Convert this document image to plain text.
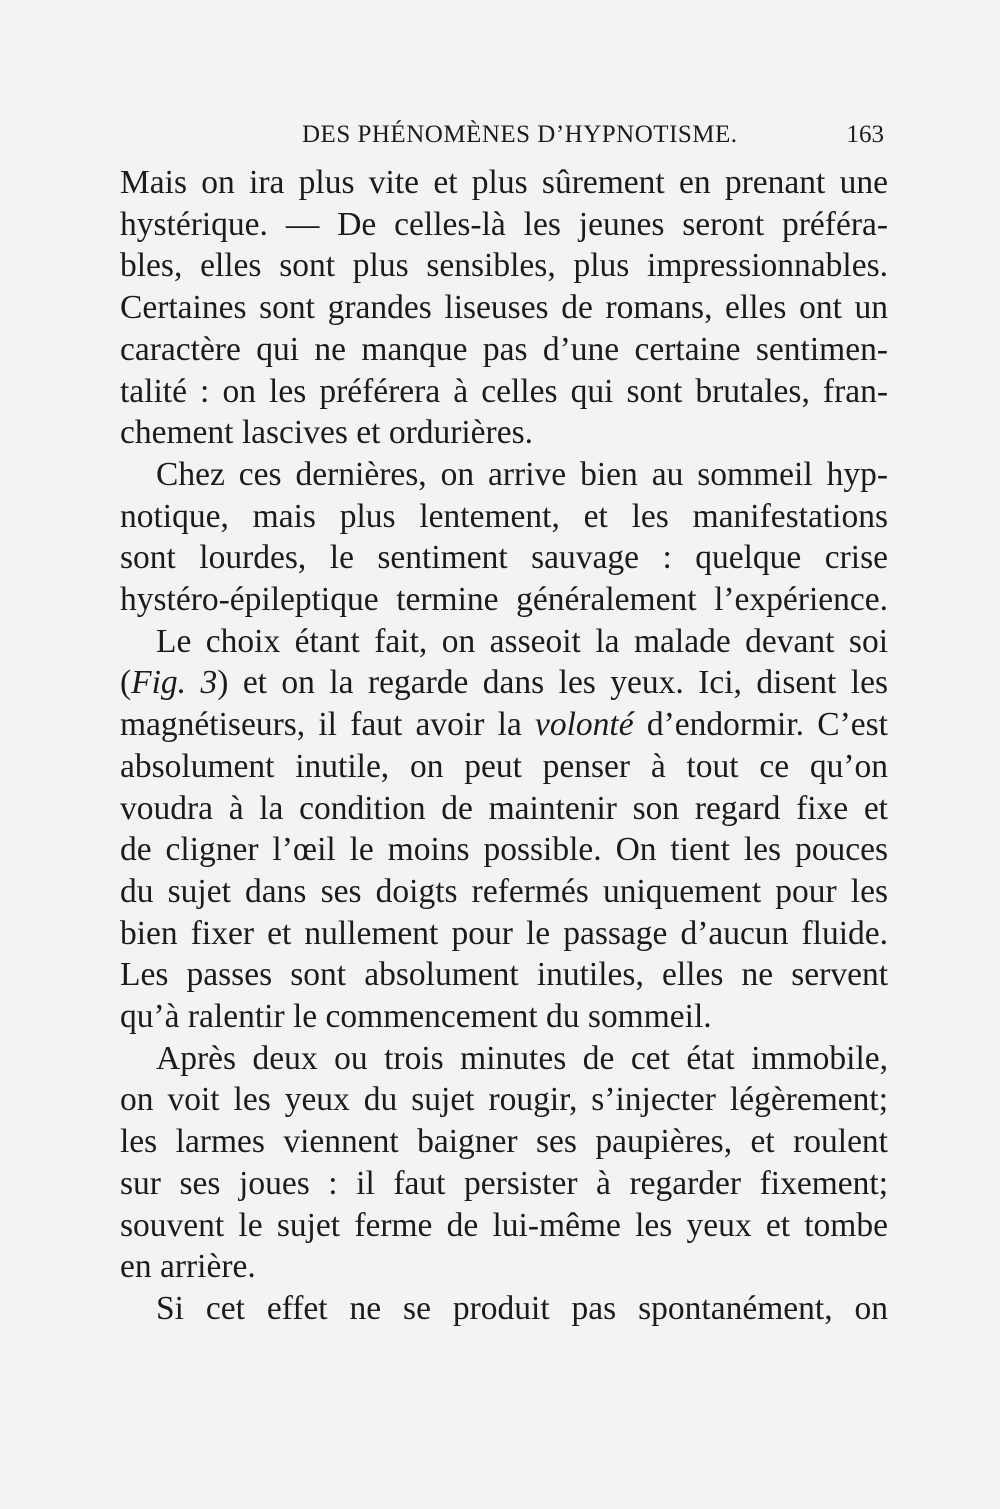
DES PHÉNOMÈNES D’HYPNOTISME.	163

Mais on ira plus vite et plus sûrement en prenant une
hystérique. — De celles-là les jeunes seront préféra-
bles, elles sont plus sensibles, plus impressionnables.
Certaines sont grandes liseuses de romans, elles ont un
caractère qui ne manque pas d’une certaine sentimen-
talité : on les préférera à celles qui sont brutales, fran-
chement lascives et ordurières.

Chez ces dernières, on arrive bien au sommeil hyp-
notique, mais plus lentement, et les manifestations
sont lourdes, le sentiment sauvage : quelque crise
hystéro-épileptique termine généralement l’expérience.

Le choix étant fait, on asseoit la malade devant soi
(Fig. 3) et on la regarde dans les yeux. Ici, disent les
magnétiseurs, il faut avoir la volonté d’endormir. C’est
absolument inutile, on peut penser à tout ce qu’on
voudra à la condition de maintenir son regard fixe et
de cligner l’œil le moins possible. On tient les pouces
du sujet dans ses doigts refermés uniquement pour les
bien fixer et nullement pour le passage d’aucun fluide.
Les passes sont absolument inutiles, elles ne servent
qu’à ralentir le commencement du sommeil.

Après deux ou trois minutes de cet état immobile,
on voit les yeux du sujet rougir, s’injecter légèrement;
les larmes viennent baigner ses paupières, et roulent
sur ses joues : il faut persister à regarder fixement;
souvent le sujet ferme de lui-même les yeux et tombe
en arrière.

Si cet effet ne se produit pas spontanément, on
